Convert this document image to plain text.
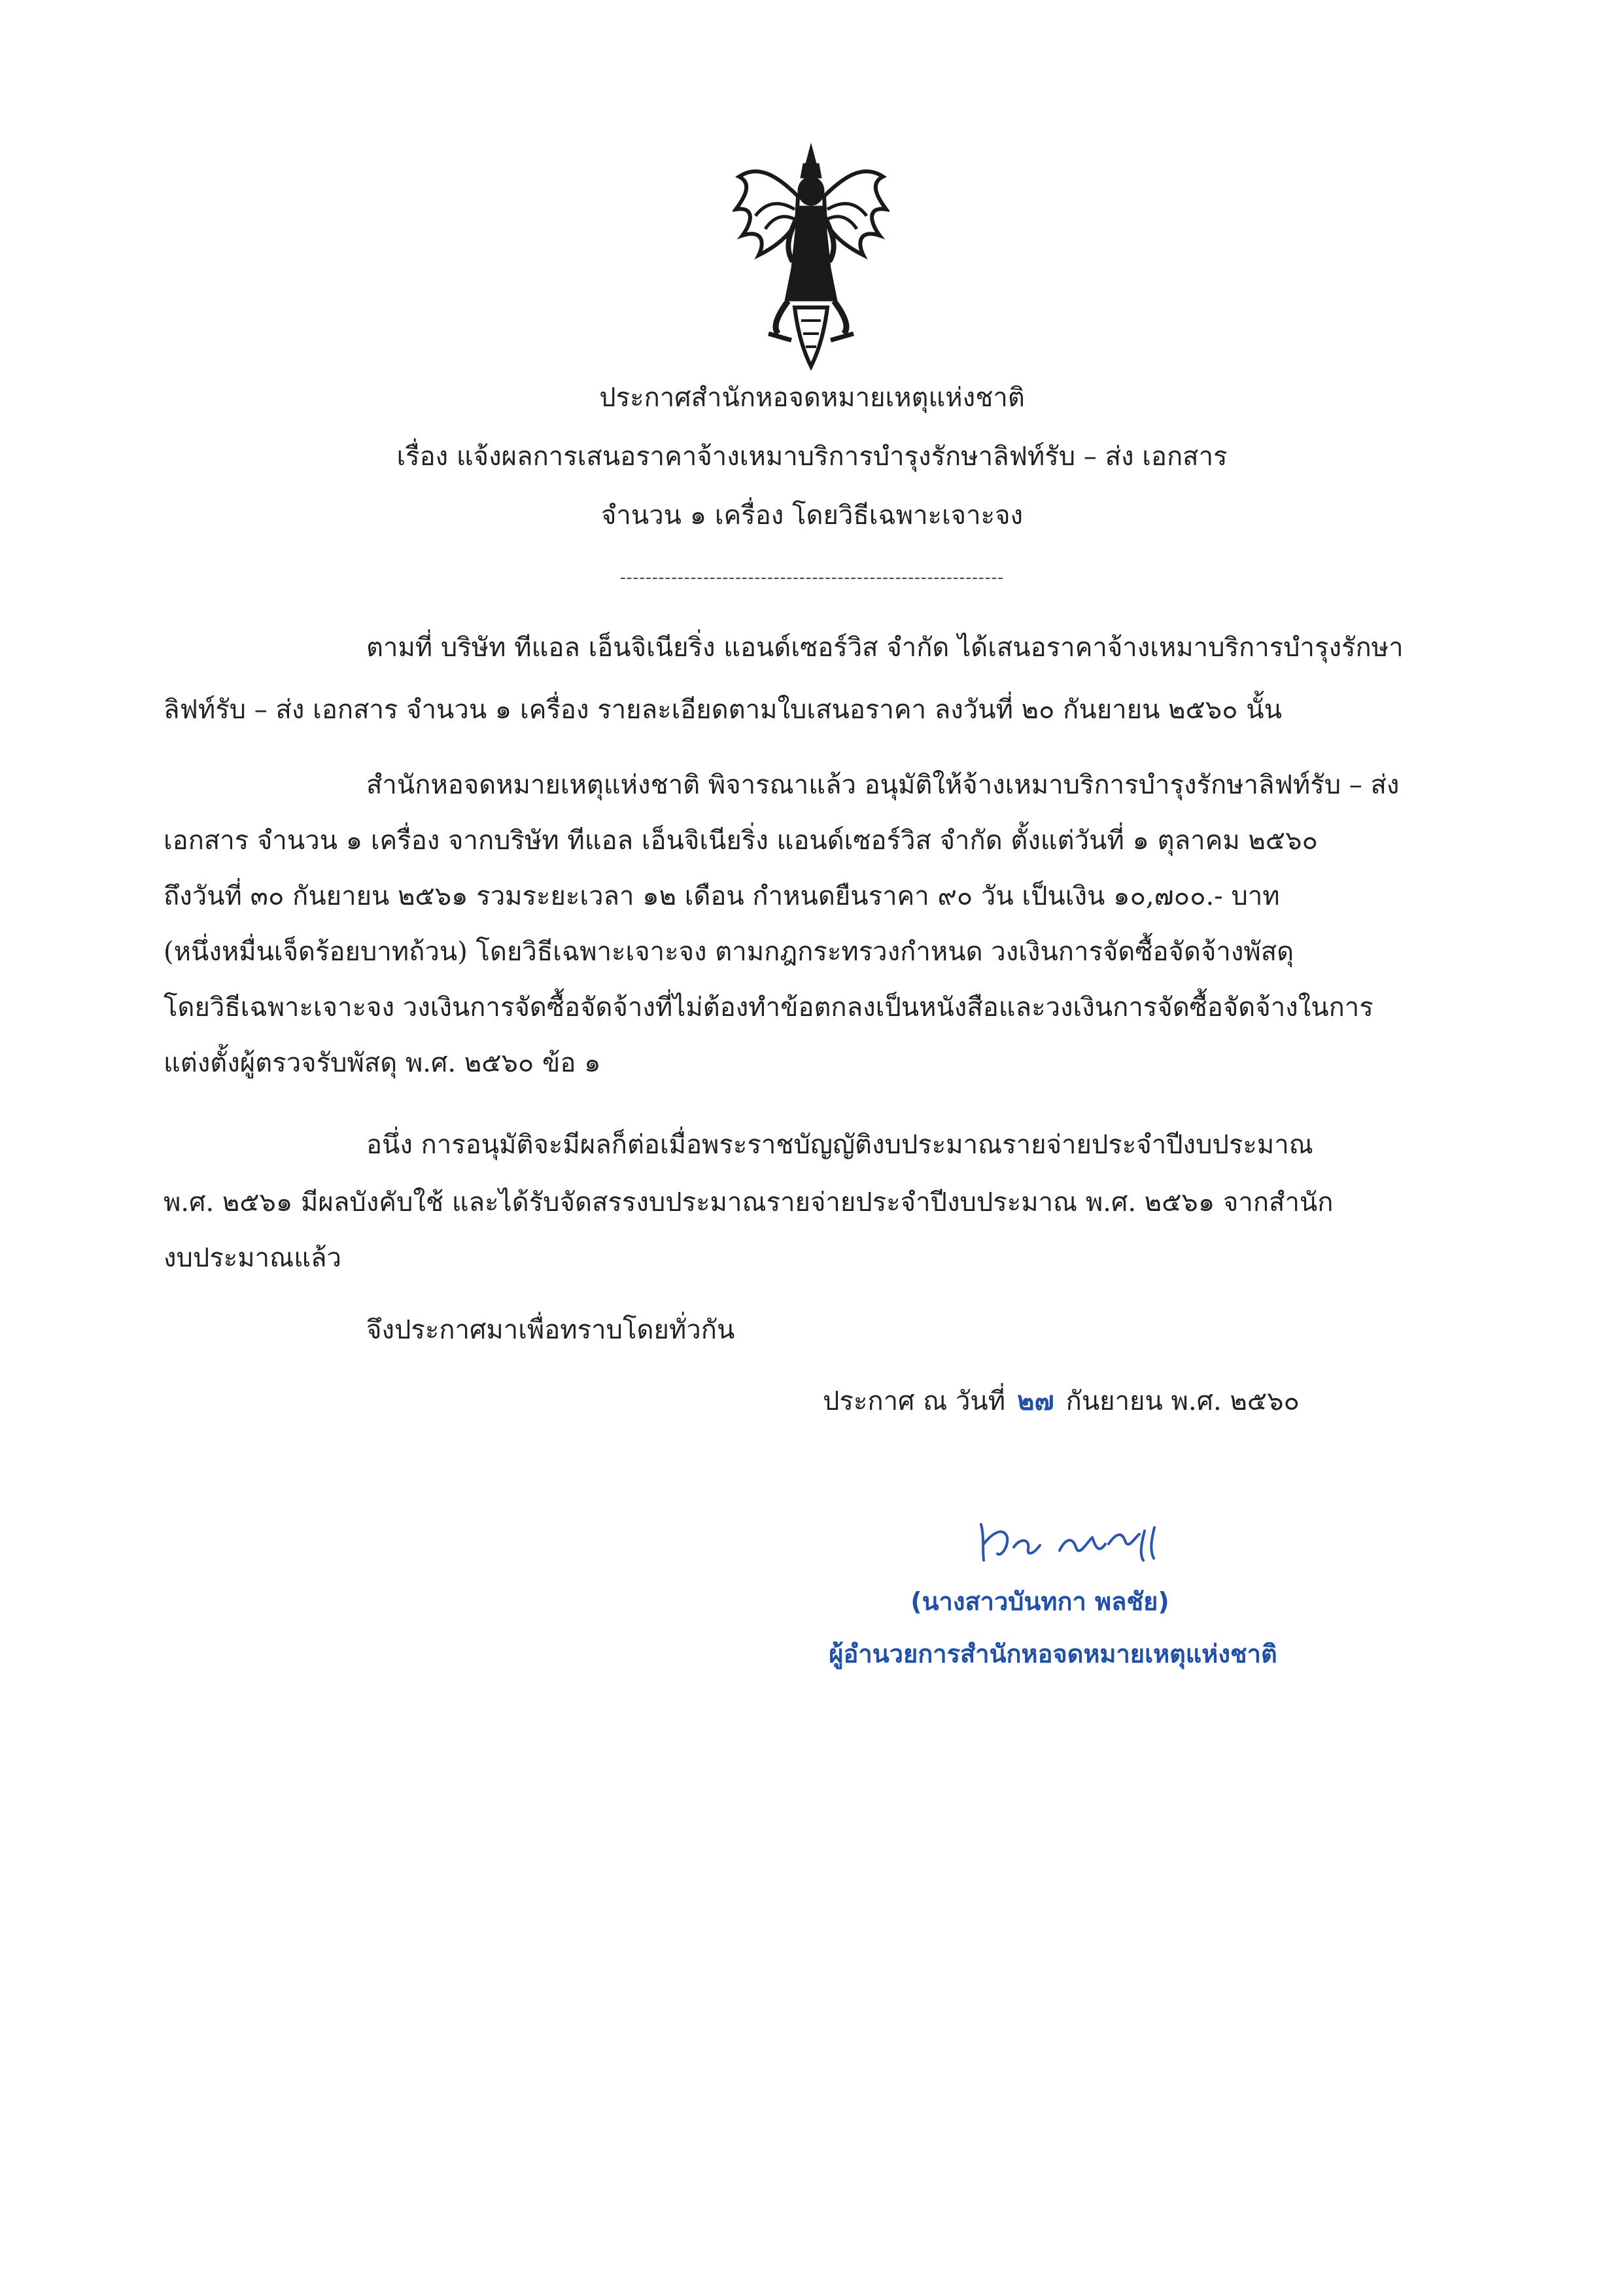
ประกาศสำนักหอจดหมายเหตุแห่งชาติ
เรื่อง แจ้งผลการเสนอราคาจ้างเหมาบริการบำรุงรักษาลิฟท์รับ – ส่ง เอกสาร
จำนวน ๑ เครื่อง โดยวิธีเฉพาะเจาะจง
------------------------------------------------------------
ตามที่ บริษัท ทีแอล เอ็นจิเนียริ่ง แอนด์เซอร์วิส จำกัด ได้เสนอราคาจ้างเหมาบริการบำรุงรักษา
ลิฟท์รับ – ส่ง เอกสาร จำนวน ๑ เครื่อง รายละเอียดตามใบเสนอราคา ลงวันที่ ๒๐ กันยายน ๒๕๖๐ นั้น
สำนักหอจดหมายเหตุแห่งชาติ พิจารณาแล้ว อนุมัติให้จ้างเหมาบริการบำรุงรักษาลิฟท์รับ – ส่ง
เอกสาร จำนวน ๑ เครื่อง จากบริษัท ทีแอล เอ็นจิเนียริ่ง แอนด์เซอร์วิส จำกัด ตั้งแต่วันที่ ๑ ตุลาคม ๒๕๖๐
ถึงวันที่ ๓๐ กันยายน ๒๕๖๑ รวมระยะเวลา ๑๒ เดือน กำหนดยืนราคา ๙๐ วัน เป็นเงิน ๑๐,๗๐๐.- บาท
(หนึ่งหมื่นเจ็ดร้อยบาทถ้วน) โดยวิธีเฉพาะเจาะจง ตามกฎกระทรวงกำหนด วงเงินการจัดซื้อจัดจ้างพัสดุ
โดยวิธีเฉพาะเจาะจง วงเงินการจัดซื้อจัดจ้างที่ไม่ต้องทำข้อตกลงเป็นหนังสือและวงเงินการจัดซื้อจัดจ้างในการ
แต่งตั้งผู้ตรวจรับพัสดุ พ.ศ. ๒๕๖๐ ข้อ ๑
อนึ่ง การอนุมัติจะมีผลก็ต่อเมื่อพระราชบัญญัติงบประมาณรายจ่ายประจำปีงบประมาณ
พ.ศ. ๒๕๖๑ มีผลบังคับใช้ และได้รับจัดสรรงบประมาณรายจ่ายประจำปีงบประมาณ พ.ศ. ๒๕๖๑ จากสำนัก
งบประมาณแล้ว
จึงประกาศมาเพื่อทราบโดยทั่วกัน
ประกาศ ณ วันที่ ๒๗ กันยายน พ.ศ. ๒๕๖๐
(นางสาวบันทกา พลชัย)
ผู้อำนวยการสำนักหอจดหมายเหตุแห่งชาติ
